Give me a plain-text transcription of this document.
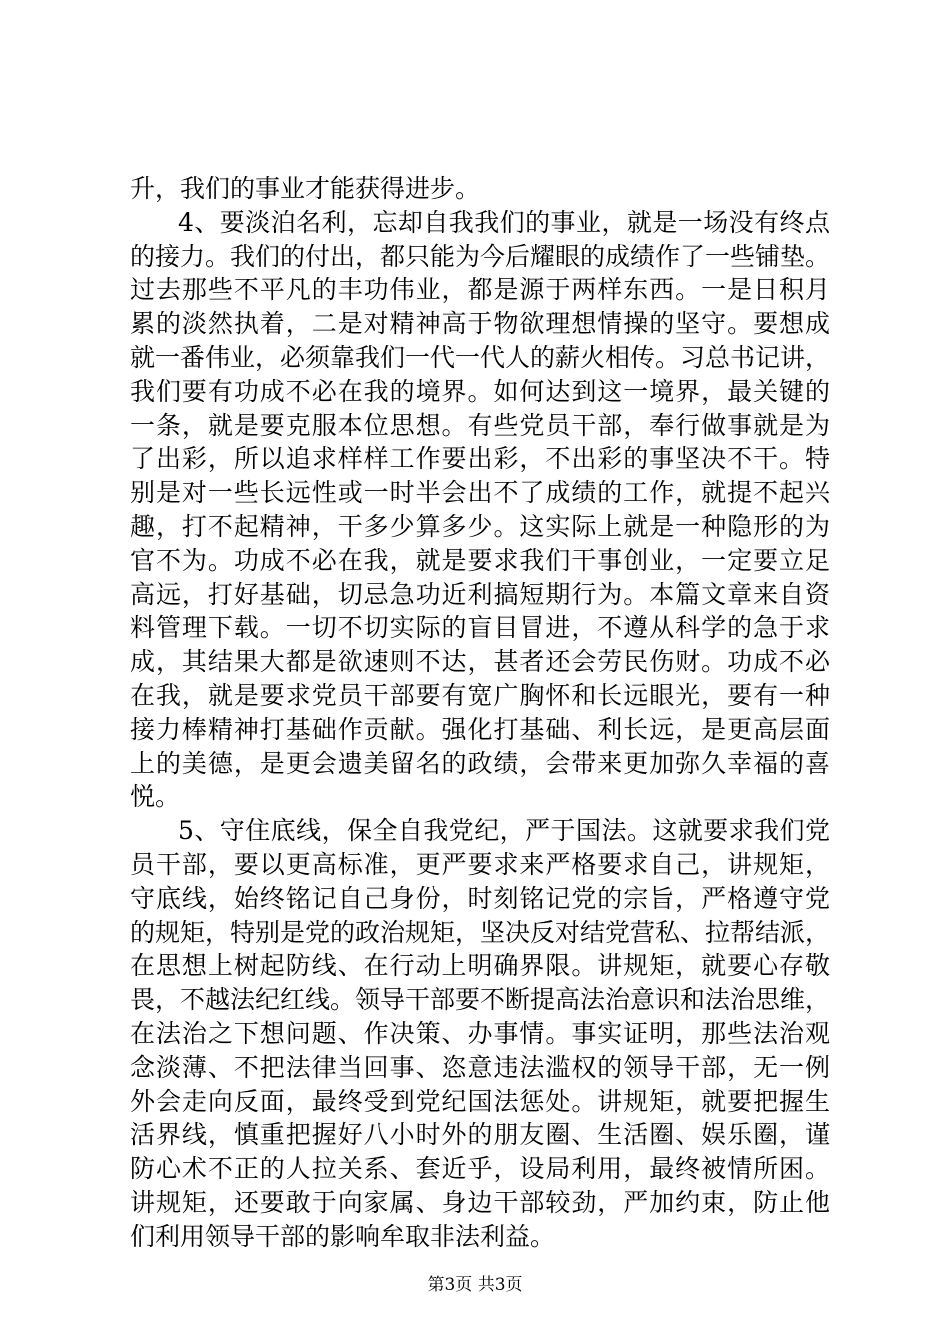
升，我们的事业才能获得进步。
4、要淡泊名利，忘却自我我们的事业，就是一场没有终点
的接力。我们的付出，都只能为今后耀眼的成绩作了一些铺垫。
过去那些不平凡的丰功伟业，都是源于两样东西。一是日积月
累的淡然执着，二是对精神高于物欲理想情操的坚守。要想成
就一番伟业，必须靠我们一代一代人的薪火相传。习总书记讲，
我们要有功成不必在我的境界。如何达到这一境界，最关键的
一条，就是要克服本位思想。有些党员干部，奉行做事就是为
了出彩，所以追求样样工作要出彩，不出彩的事坚决不干。特
别是对一些长远性或一时半会出不了成绩的工作，就提不起兴
趣，打不起精神，干多少算多少。这实际上就是一种隐形的为
官不为。功成不必在我，就是要求我们干事创业，一定要立足
高远，打好基础，切忌急功近利搞短期行为。本篇文章来自资
料管理下载。一切不切实际的盲目冒进，不遵从科学的急于求
成，其结果大都是欲速则不达，甚者还会劳民伤财。功成不必
在我，就是要求党员干部要有宽广胸怀和长远眼光，要有一种
接力棒精神打基础作贡献。强化打基础、利长远，是更高层面
上的美德，是更会遗美留名的政绩，会带来更加弥久幸福的喜
悦。
5、守住底线，保全自我党纪，严于国法。这就要求我们党
员干部，要以更高标准，更严要求来严格要求自己，讲规矩，
守底线，始终铭记自己身份，时刻铭记党的宗旨，严格遵守党
的规矩，特别是党的政治规矩，坚决反对结党营私、拉帮结派，
在思想上树起防线、在行动上明确界限。讲规矩，就要心存敬
畏，不越法纪红线。领导干部要不断提高法治意识和法治思维，
在法治之下想问题、作决策、办事情。事实证明，那些法治观
念淡薄、不把法律当回事、恣意违法滥权的领导干部，无一例
外会走向反面，最终受到党纪国法惩处。讲规矩，就要把握生
活界线，慎重把握好八小时外的朋友圈、生活圈、娱乐圈，谨
防心术不正的人拉关系、套近乎，设局利用，最终被情所困。
讲规矩，还要敢于向家属、身边干部较劲，严加约束，防止他
们利用领导干部的影响牟取非法利益。
第3页 共3页
